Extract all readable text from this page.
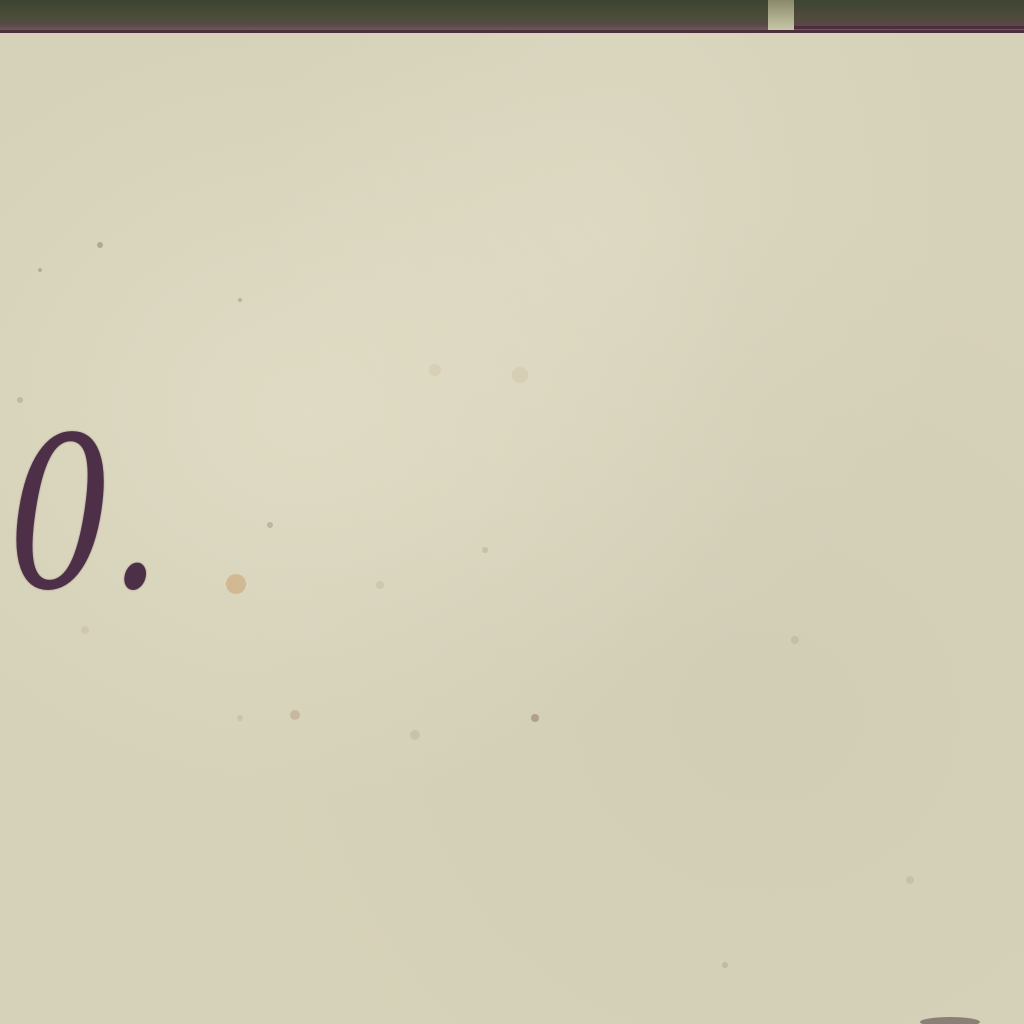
0.
